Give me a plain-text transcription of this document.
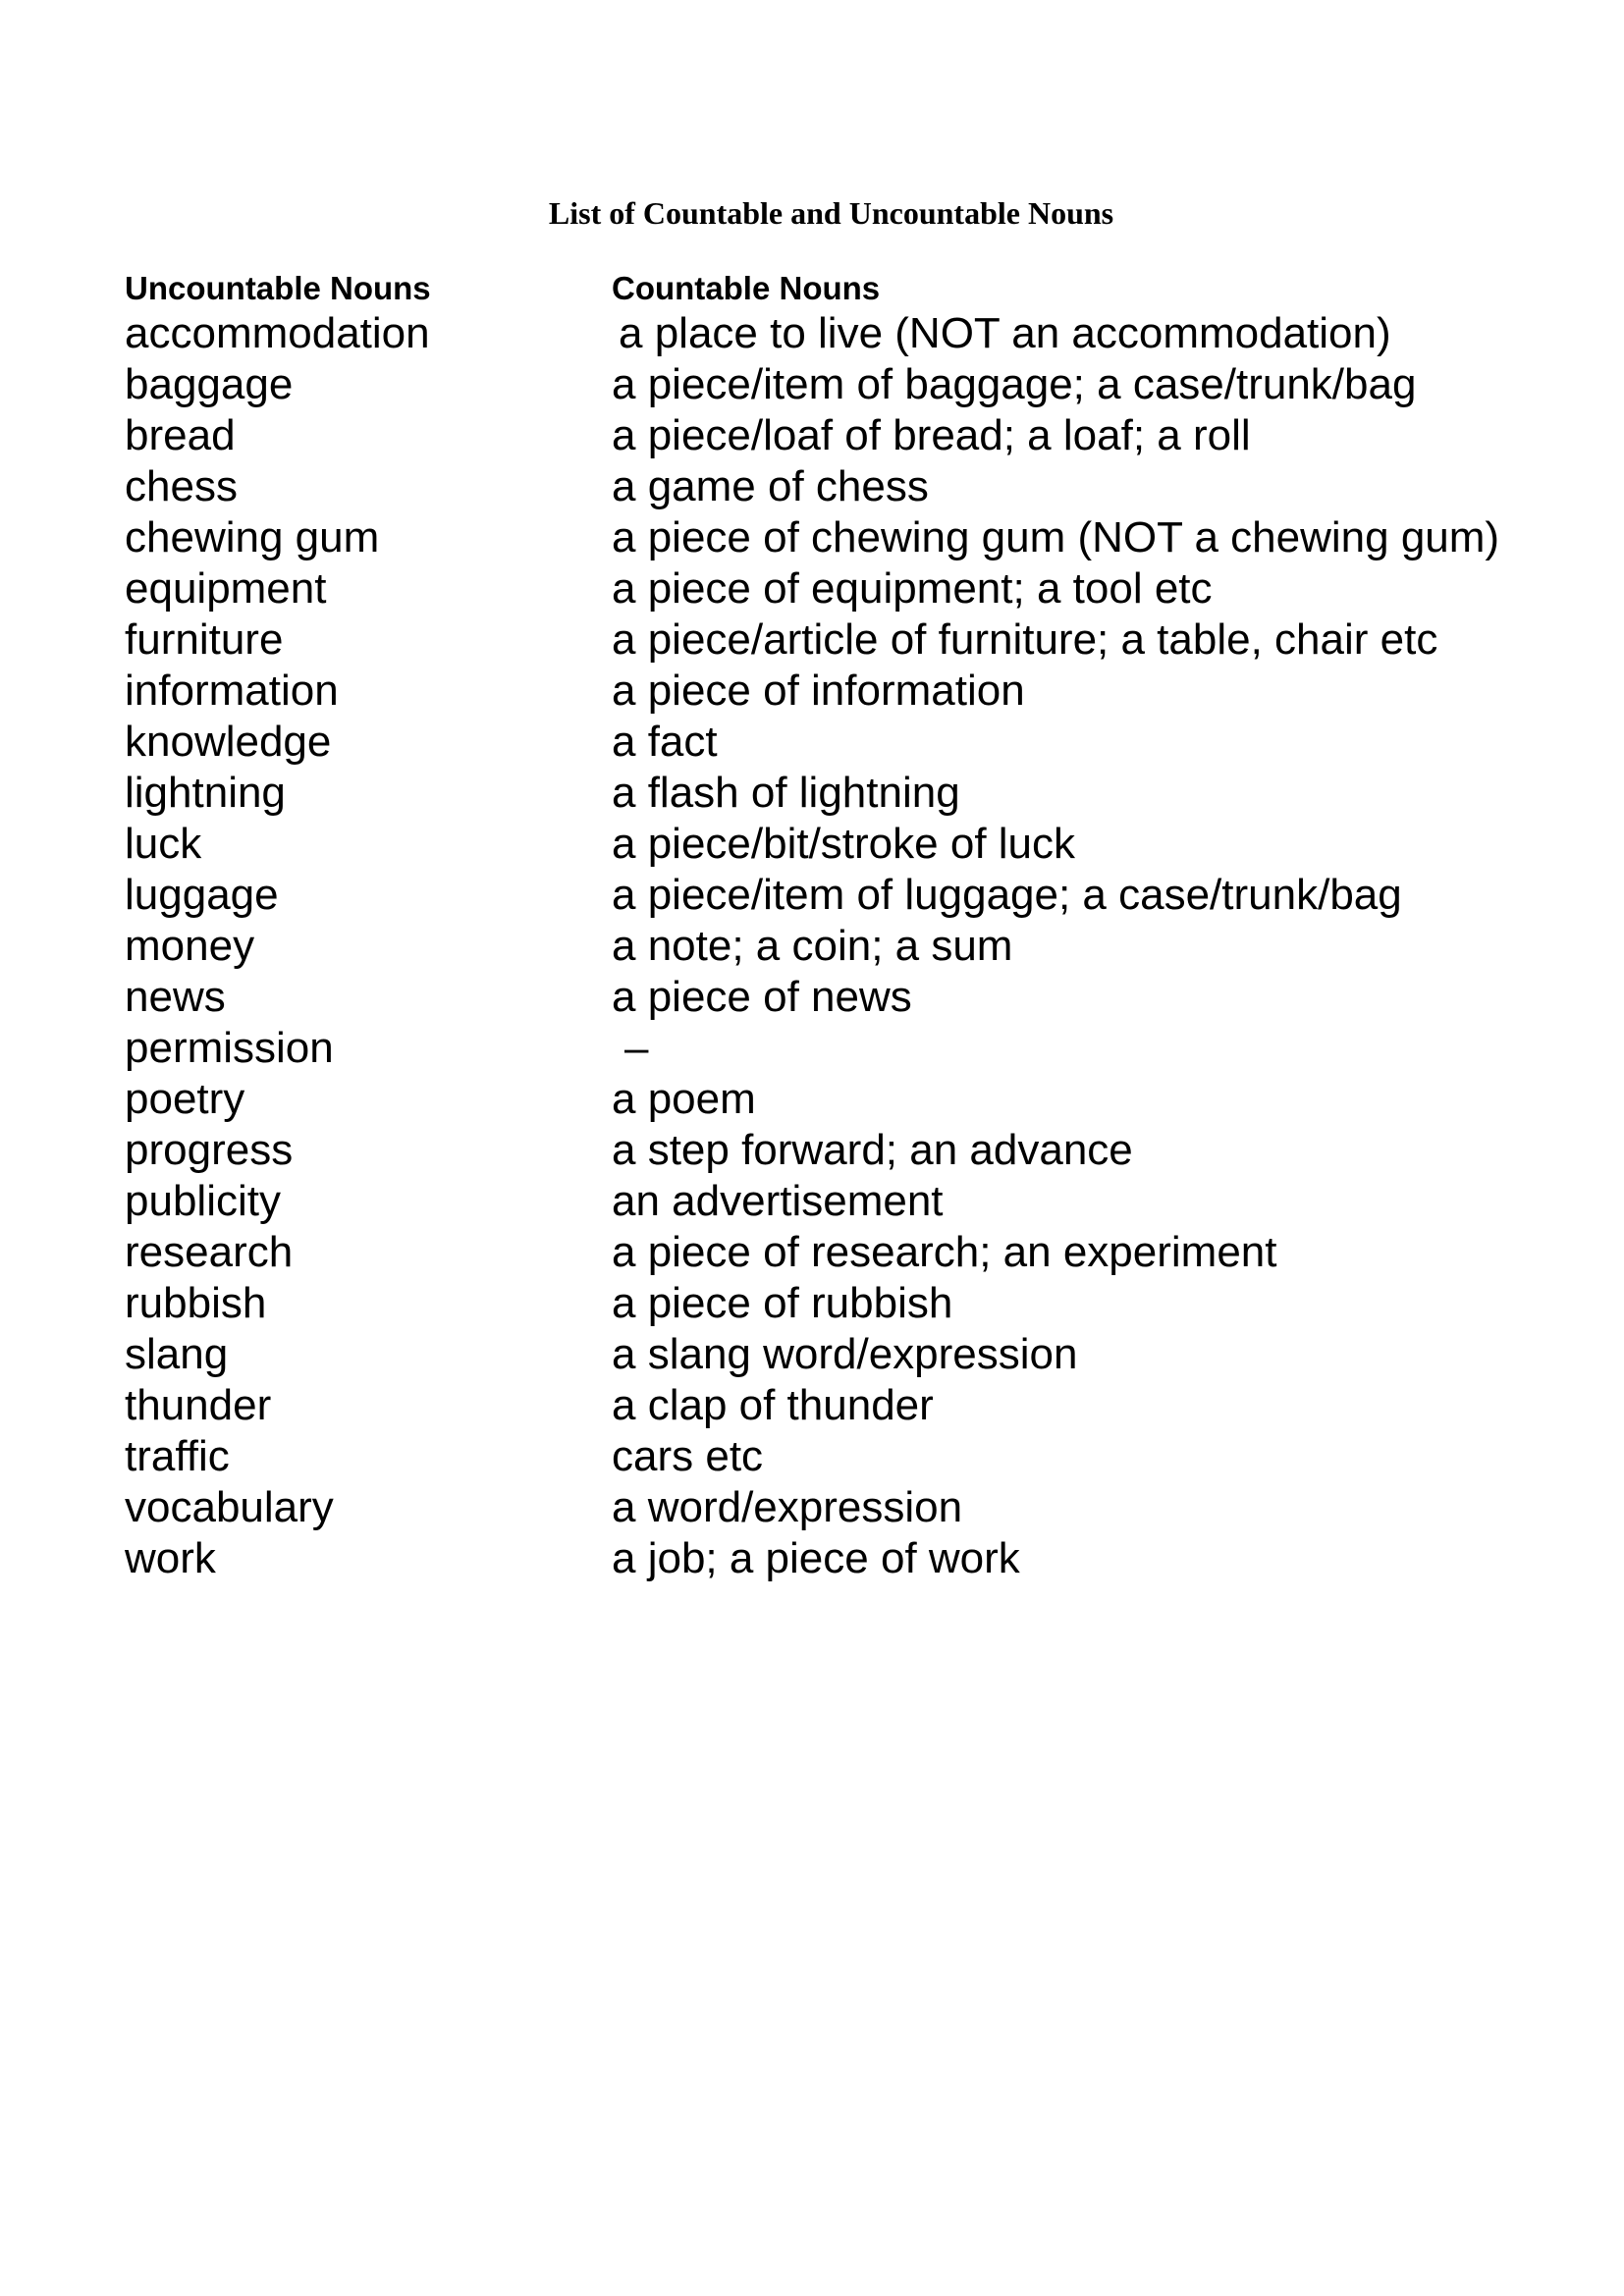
List of Countable and Uncountable Nouns
Uncountable Nouns	Countable Nouns
accommodation	a place to live (NOT an accommodation)
baggage	a piece/item of baggage; a case/trunk/bag
bread	a piece/loaf of bread; a loaf; a roll
chess	a game of chess
chewing gum	a piece of chewing gum (NOT a chewing gum)
equipment	a piece of equipment; a tool etc
furniture	a piece/article of furniture; a table, chair etc
information	a piece of information
knowledge	a fact
lightning	a flash of lightning
luck	a piece/bit/stroke of luck
luggage	a piece/item of luggage; a case/trunk/bag
money	a note; a coin; a sum
news	a piece of news
permission	–
poetry	a poem
progress	a step forward; an advance
publicity	an advertisement
research	a piece of research; an experiment
rubbish	a piece of rubbish
slang	a slang word/expression
thunder	a clap of thunder
traffic	cars etc
vocabulary	a word/expression
work	a job; a piece of work
